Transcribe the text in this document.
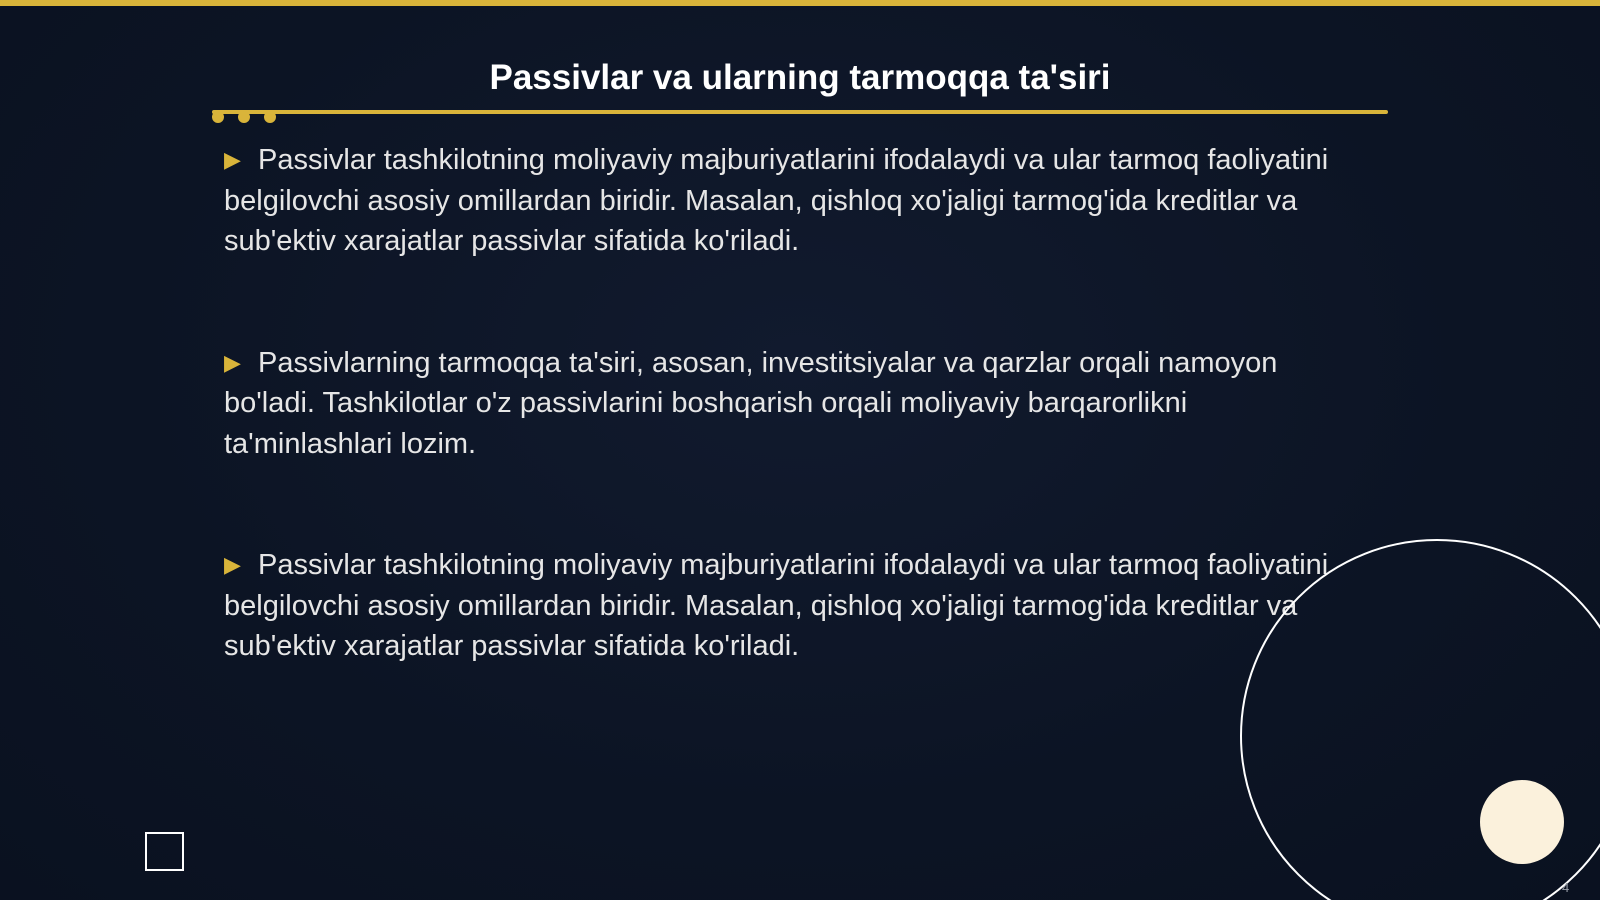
Passivlar va ularning tarmoqqa ta'siri

▶ Passivlar tashkilotning moliyaviy majburiyatlarini ifodalaydi va ular tarmoq faoliyatini belgilovchi asosiy omillardan biridir. Masalan, qishloq xo'jaligi tarmog'ida kreditlar va sub'ektiv xarajatlar passivlar sifatida ko'riladi.

▶ Passivlarning tarmoqqa ta'siri, asosan, investitsiyalar va qarzlar orqali namoyon bo'ladi. Tashkilotlar o'z passivlarini boshqarish orqali moliyaviy barqarorlikni ta'minlashlari lozim.

▶ Passivlar tashkilotning moliyaviy majburiyatlarini ifodalaydi va ular tarmoq faoliyatini belgilovchi asosiy omillardan biridir. Masalan, qishloq xo'jaligi tarmog'ida kreditlar va sub'ektiv xarajatlar passivlar sifatida ko'riladi.

4
